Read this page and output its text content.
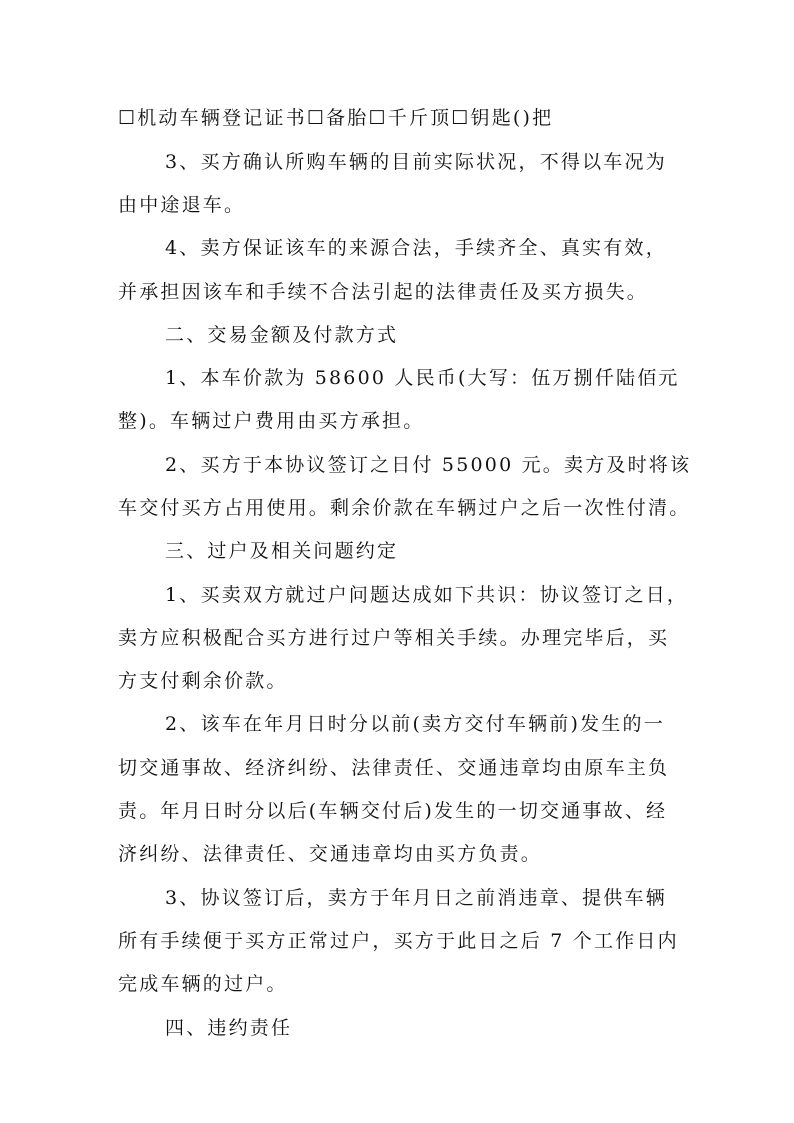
☐机动车辆登记证书☐备胎☐千斤顶☐钥匙()把
3、买方确认所购车辆的目前实际状况，不得以车况为
由中途退车。
4、卖方保证该车的来源合法，手续齐全、真实有效，
并承担因该车和手续不合法引起的法律责任及买方损失。
二、交易金额及付款方式
1、本车价款为 58600 人民币(大写：伍万捌仟陆佰元
整)。车辆过户费用由买方承担。
2、买方于本协议签订之日付 55000 元。卖方及时将该
车交付买方占用使用。剩余价款在车辆过户之后一次性付清。
三、过户及相关问题约定
1、买卖双方就过户问题达成如下共识：协议签订之日，
卖方应积极配合买方进行过户等相关手续。办理完毕后，买
方支付剩余价款。
2、该车在年月日时分以前(卖方交付车辆前)发生的一
切交通事故、经济纠纷、法律责任、交通违章均由原车主负
责。年月日时分以后(车辆交付后)发生的一切交通事故、经
济纠纷、法律责任、交通违章均由买方负责。
3、协议签订后，卖方于年月日之前消违章、提供车辆
所有手续便于买方正常过户，买方于此日之后 7 个工作日内
完成车辆的过户。
四、违约责任
